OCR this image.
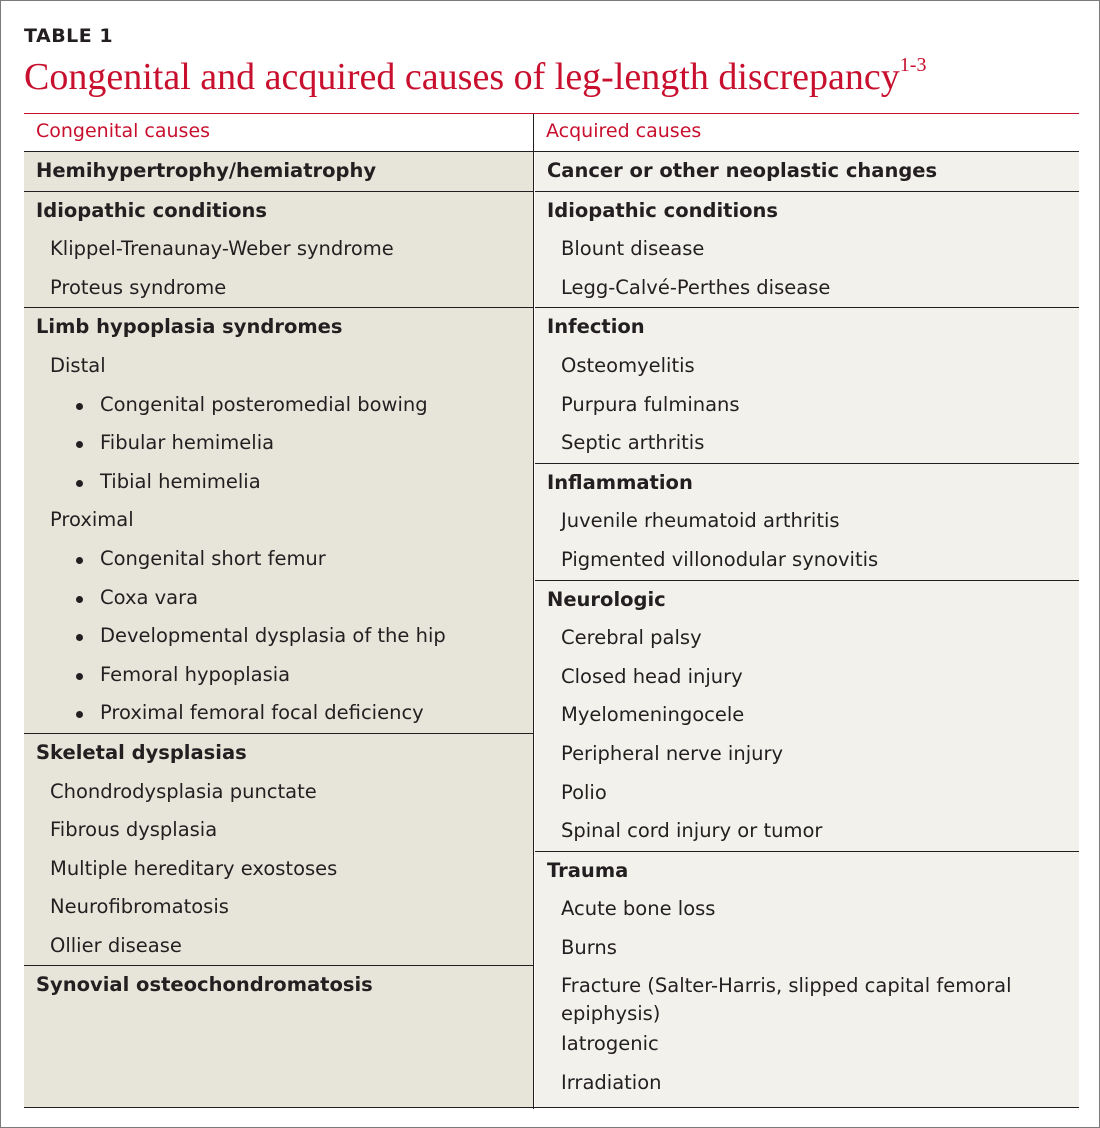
TABLE 1
Congenital and acquired causes of leg-length discrepancy$^{1-3}$
Congenital causes	Acquired causes
Hemihypertrophy/hemiatrophy
Idiopathic conditions
Klippel-Trenaunay-Weber syndrome
Proteus syndrome
Limb hypoplasia syndromes
Distal
Congenital posteromedial bowing
Fibular hemimelia
Tibial hemimelia
Proximal
Congenital short femur
Coxa vara
Developmental dysplasia of the hip
Femoral hypoplasia
Proximal femoral focal deficiency
Skeletal dysplasias
Chondrodysplasia punctate
Fibrous dysplasia
Multiple hereditary exostoses
Neurofibromatosis
Ollier disease
Synovial osteochondromatosis
Cancer or other neoplastic changes
Idiopathic conditions
Blount disease
Legg-Calvé-Perthes disease
Infection
Osteomyelitis
Purpura fulminans
Septic arthritis
Inflammation
Juvenile rheumatoid arthritis
Pigmented villonodular synovitis
Neurologic
Cerebral palsy
Closed head injury
Myelomeningocele
Peripheral nerve injury
Polio
Spinal cord injury or tumor
Trauma
Acute bone loss
Burns
Fracture (Salter-Harris, slipped capital femoral epiphysis)
Iatrogenic
Irradiation
